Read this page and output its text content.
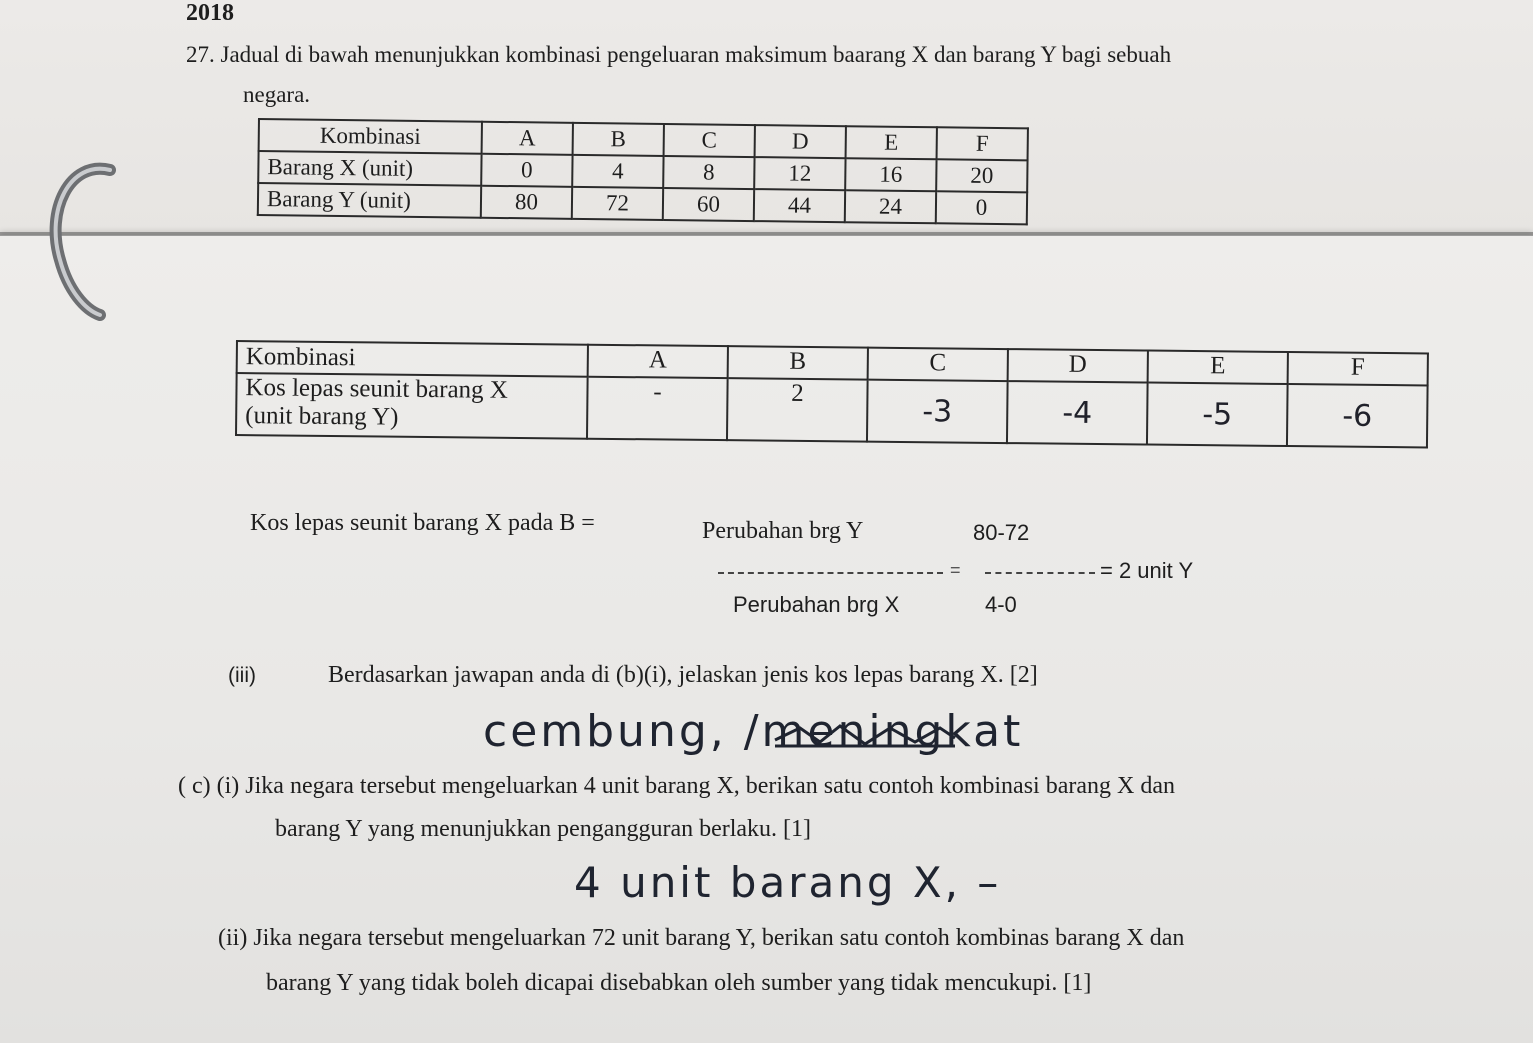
2018
27. Jadual di bawah menunjukkan kombinasi pengeluaran maksimum baarang X dan barang Y bagi sebuah
negara.
Kombinasi	A	B	C	D	E	F
Barang X (unit)	0	4	8	12	16	20
Barang Y (unit)	80	72	60	44	24	0
Kombinasi	A	B	C	D	E	F

Kos lepas seunit barang X
(unit barang Y)	-	2	-3	-4	-5	-6
Kos lepas seunit barang X pada B =	Perubahan brg Y	80-72
=	= 2 unit Y
Perubahan brg X	4-0
(iii)	Berdasarkan jawapan anda di (b)(i), jelaskan jenis kos lepas barang X. [2]
cembung, /meningkat
( c) (i) Jika negara tersebut mengeluarkan 4 unit barang X, berikan satu contoh kombinasi barang X dan
barang Y yang menunjukkan pengangguran berlaku. [1]
4 unit barang X, –
(ii) Jika negara tersebut mengeluarkan 72 unit barang Y, berikan satu contoh kombinas barang X dan
barang Y yang tidak boleh dicapai disebabkan oleh sumber yang tidak mencukupi. [1]
